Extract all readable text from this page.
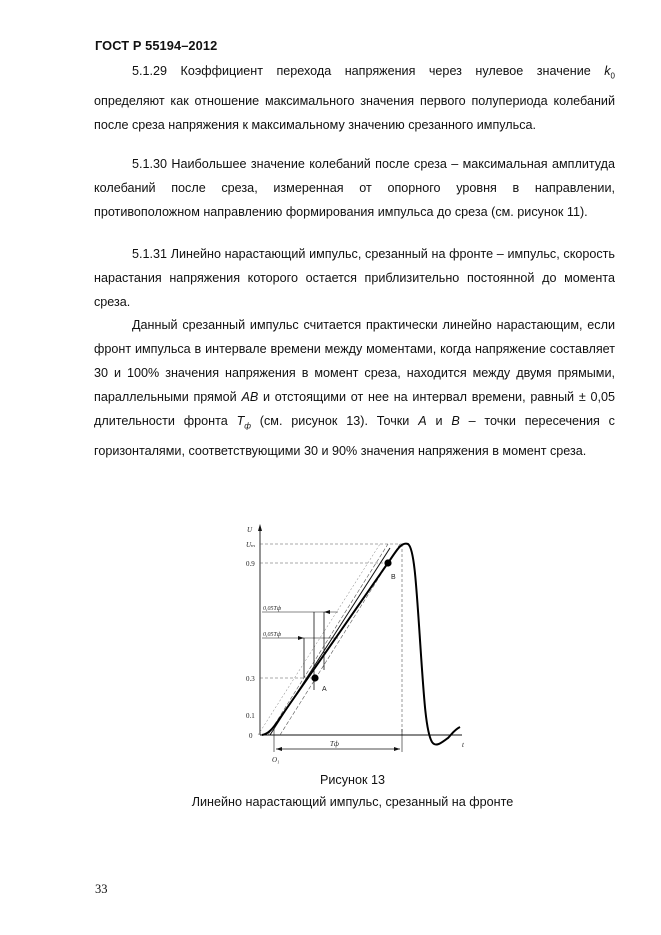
ГОСТ Р 55194–2012

5.1.29 Коэффициент перехода напряжения через нулевое значение $k_0$ определяют как отношение максимального значения первого полупериода колебаний после среза напряжения к максимальному значению срезанного импульса.

5.1.30 Наибольшее значение колебаний после среза – максимальная амплитуда колебаний после среза, измеренная от опорного уровня в направлении, противоположном направлению формирования импульса до среза (см. рисунок 11).

5.1.31 Линейно нарастающий импульс, срезанный на фронте – импульс, скорость нарастания напряжения которого остается приблизительно постоянной до момента среза.

Данный срезанный импульс считается практически линейно нарастающим, если фронт импульса в интервале времени между моментами, когда напряжение составляет 30 и 100% значения напряжения в момент среза, находится между двумя прямыми, параллельными прямой АВ и отстоящими от нее на интервал времени, равный ± 0,05 длительности фронта $T_ф$ (см. рисунок 13). Точки А и В – точки пересечения с горизонталями, соответствующими 30 и 90% значения напряжения в момент среза.

U
Uₘ
0.9
0.3
0.1
0
O₁
t
A
B
Tф
0,05Tф
0,05Tф
Рисунок 13
Линейно нарастающий импульс, срезанный на фронте
33
